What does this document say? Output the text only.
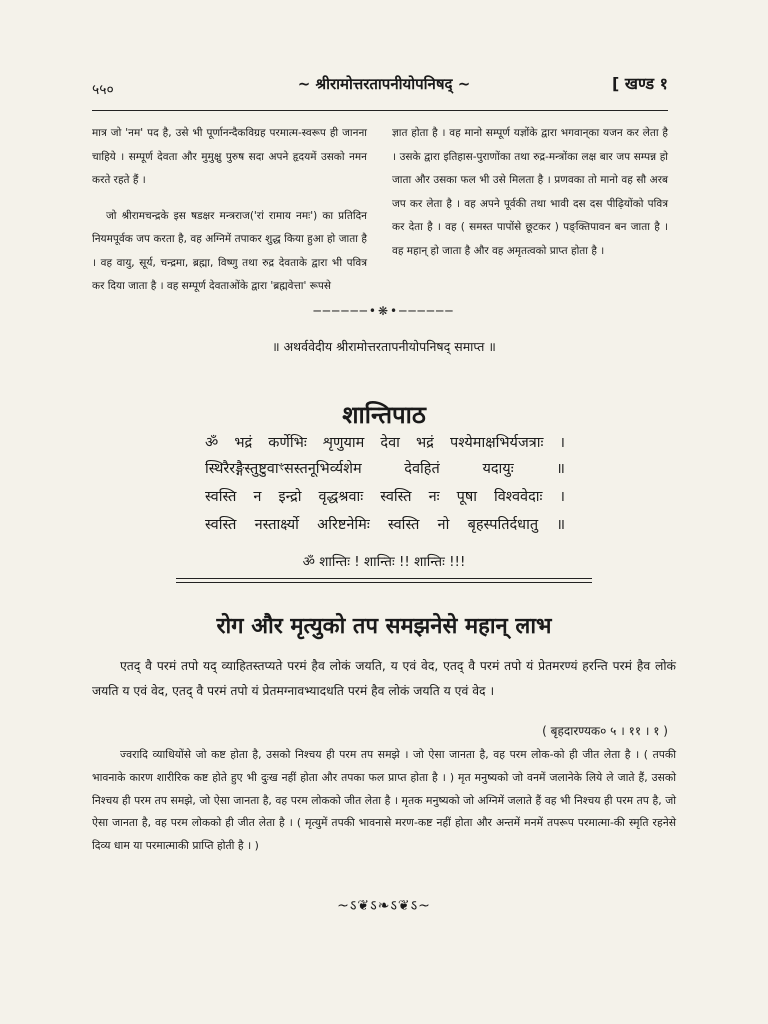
५५०	~ श्रीरामोत्तरतापनीयोपनिषद् ~	[ खण्ड १

मात्र जो 'नम' पद है, उसे भी पूर्णानन्दैकविग्रह परमात्म-स्वरूप ही जानना चाहिये । सम्पूर्ण देवता और मुमुक्षु पुरुष सदा अपने हृदयमें उसको नमन करते रहते हैं ।

जो श्रीरामचन्द्रके इस षडक्षर मन्त्रराज('रां रामाय नमः') का प्रतिदिन नियमपूर्वक जप करता है, वह अग्निमें तपाकर शुद्ध किया हुआ हो जाता है । वह वायु, सूर्य, चन्द्रमा, ब्रह्मा, विष्णु तथा रुद्र देवताके द्वारा भी पवित्र कर दिया जाता है । वह सम्पूर्ण देवताओंके द्वारा 'ब्रह्मवेत्ता' रूपसे

ज्ञात होता है । वह मानो सम्पूर्ण यज्ञोंके द्वारा भगवान्‌का यजन कर लेता है । उसके द्वारा इतिहास-पुराणोंका तथा रुद्र-मन्त्रोंका लक्ष बार जप सम्पन्न हो जाता और उसका फल भी उसे मिलता है । प्रणवका तो मानो वह सौ अरब जप कर लेता है । वह अपने पूर्वकी तथा भावी दस दस पीढ़ियोंको पवित्र कर देता है । वह ( समस्त पापोंसे छूटकर ) पङ्क्तिपावन बन जाता है । वह महान् हो जाता है और वह अमृतत्वको प्राप्त होता है ।

──────•❋•──────
॥ अथर्ववेदीय श्रीरामोत्तरतापनीयोपनिषद् समाप्त ॥
शान्तिपाठ
ॐ भद्रं कर्णेभिः शृणुयाम देवा भद्रं पश्येमाक्षभिर्यजत्राः ।
स्थिरैरङ्गैस्तुष्टुवाꣳसस्तनूभिर्व्यशेम देवहितं यदायुः ॥
स्वस्ति न इन्द्रो वृद्धश्रवाः स्वस्ति नः पूषा विश्ववेदाः ।
स्वस्ति नस्तार्क्ष्यो अरिष्टनेमिः स्वस्ति नो बृहस्पतिर्दधातु ॥
ॐ शान्तिः ! शान्तिः !! शान्तिः !!!
रोग और मृत्युको तप समझनेसे महान् लाभ
एतद् वै परमं तपो यद् व्याहितस्तप्यते परमं हैव लोकं जयति, य एवं वेद, एतद् वै परमं तपो यं प्रेतमरण्यं हरन्ति परमं हैव लोकं जयति य एवं वेद, एतद् वै परमं तपो यं प्रेतमग्नावभ्यादधति परमं हैव लोकं जयति य एवं वेद ।
( बृहदारण्यक० ५ । ११ । १ )
ज्वरादि व्याधियोंसे जो कष्ट होता है, उसको निश्चय ही परम तप समझे । जो ऐसा जानता है, वह परम लोक-को ही जीत लेता है । ( तपकी भावनाके कारण शारीरिक कष्ट होते हुए भी दुःख नहीं होता और तपका फल प्राप्त होता है । ) मृत मनुष्यको जो वनमें जलानेके लिये ले जाते हैं, उसको निश्चय ही परम तप समझे, जो ऐसा जानता है, वह परम लोकको जीत लेता है । मृतक मनुष्यको जो अग्निमें जलाते हैं वह भी निश्चय ही परम तप है, जो ऐसा जानता है, वह परम लोकको ही जीत लेता है । ( मृत्युमें तपकी भावनासे मरण-कष्ट नहीं होता और अन्तमें मनमें तपरूप परमात्मा-की स्मृति रहनेसे दिव्य धाम या परमात्माकी प्राप्ति होती है । )
~ऽ❦ऽ❧ऽ❦ऽ~
